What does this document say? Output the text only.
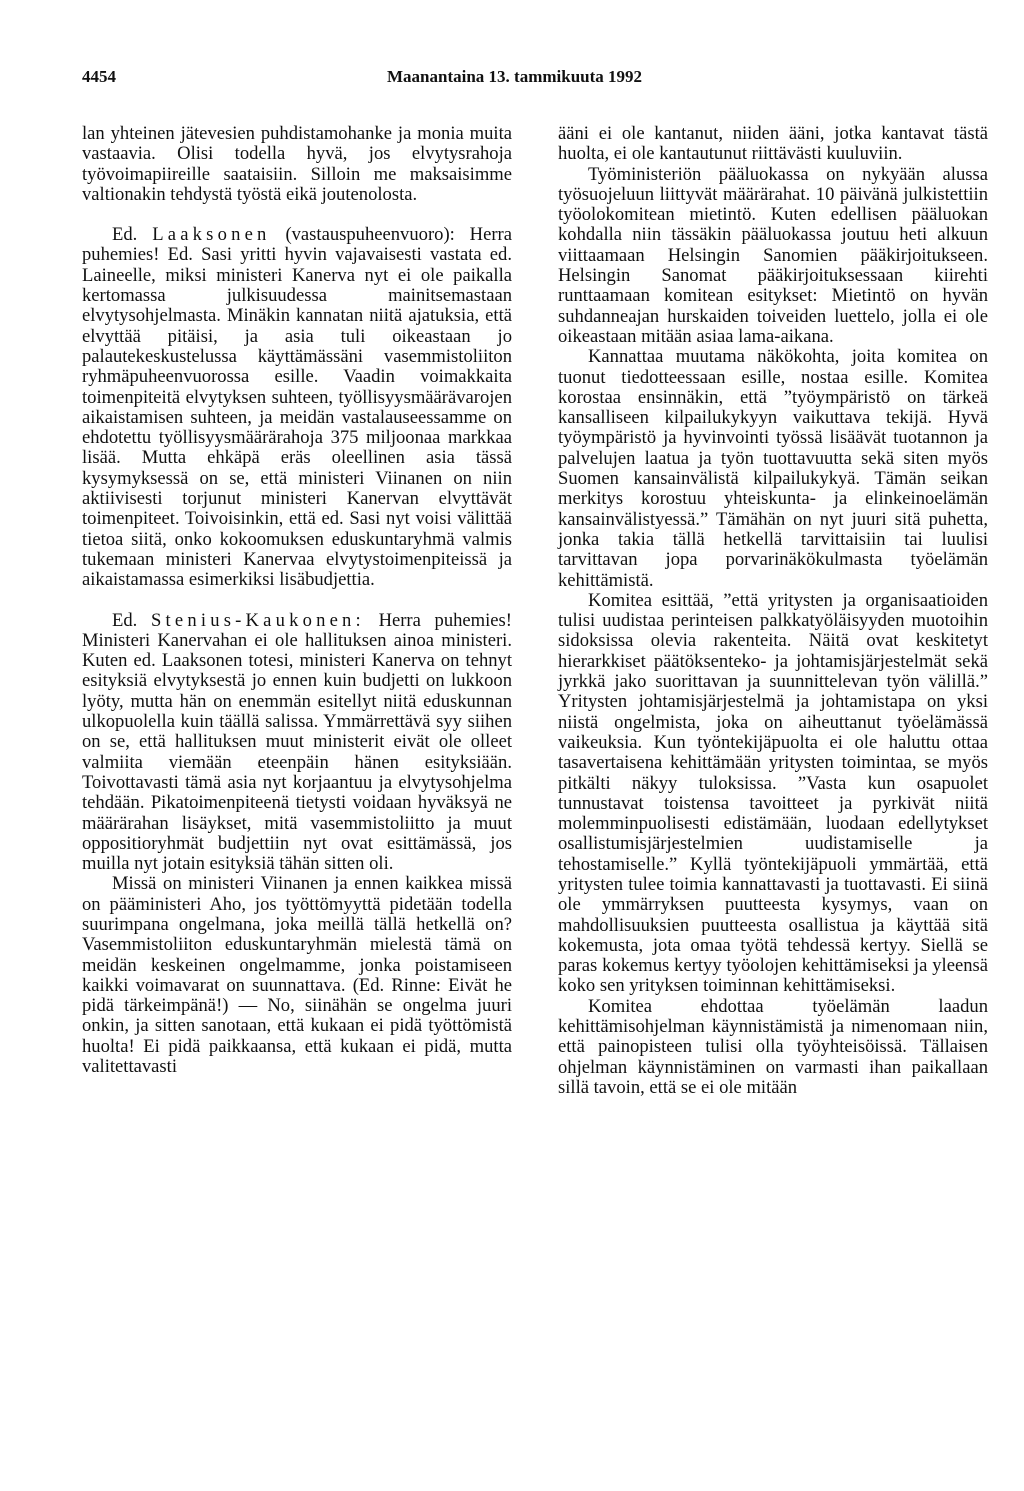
4454	Maanantaina 13. tammikuuta 1992

lan yhteinen jätevesien puhdistamohanke ja monia muita vastaavia. Olisi todella hyvä, jos elvytysrahoja työvoimapiireille saataisiin. Silloin me maksaisimme valtionakin tehdystä työstä eikä joutenolosta.

Ed. Laaksonen (vastauspuheenvuoro): Herra puhemies! Ed. Sasi yritti hyvin vajavaisesti vastata ed. Laineelle, miksi ministeri Kanerva nyt ei ole paikalla kertomassa julkisuudessa mainitsemastaan elvytysohjelmasta. Minäkin kannatan niitä ajatuksia, että elvyttää pitäisi, ja asia tuli oikeastaan jo palautekeskustelussa käyttämässäni vasemmistoliiton ryhmäpuheenvuorossa esille. Vaadin voimakkaita toimenpiteitä elvytyksen suhteen, työllisyysmäärävarojen aikaistamisen suhteen, ja meidän vastalauseessamme on ehdotettu työllisyysmäärärahoja 375 miljoonaa markkaa lisää. Mutta ehkäpä eräs oleellinen asia tässä kysymyksessä on se, että ministeri Viinanen on niin aktiivisesti torjunut ministeri Kanervan elvyttävät toimenpiteet. Toivoisinkin, että ed. Sasi nyt voisi välittää tietoa siitä, onko kokoomuksen eduskuntaryhmä valmis tukemaan ministeri Kanervaa elvytystoimenpiteissä ja aikaistamassa esimerkiksi lisäbudjettia.

Ed. Stenius-Kaukonen: Herra puhemies! Ministeri Kanervahan ei ole hallituksen ainoa ministeri. Kuten ed. Laaksonen totesi, ministeri Kanerva on tehnyt esityksiä elvytyksestä jo ennen kuin budjetti on lukkoon lyöty, mutta hän on enemmän esitellyt niitä eduskunnan ulkopuolella kuin täällä salissa. Ymmärrettävä syy siihen on se, että hallituksen muut ministerit eivät ole olleet valmiita viemään eteenpäin hänen esityksiään. Toivottavasti tämä asia nyt korjaantuu ja elvytysohjelma tehdään. Pikatoimenpiteenä tietysti voidaan hyväksyä ne määrärahan lisäykset, mitä vasemmistoliitto ja muut oppositioryhmät budjettiin nyt ovat esittämässä, jos muilla nyt jotain esityksiä tähän sitten oli.

Missä on ministeri Viinanen ja ennen kaikkea missä on pääministeri Aho, jos työttömyyttä pidetään todella suurimpana ongelmana, joka meillä tällä hetkellä on? Vasemmistoliiton eduskuntaryhmän mielestä tämä on meidän keskeinen ongelmamme, jonka poistamiseen kaikki voimavarat on suunnattava. (Ed. Rinne: Eivät he pidä tärkeimpänä!) — No, siinähän se ongelma juuri onkin, ja sitten sanotaan, että kukaan ei pidä työttömistä huolta! Ei pidä paikkaansa, että kukaan ei pidä, mutta valitettavasti

ääni ei ole kantanut, niiden ääni, jotka kantavat tästä huolta, ei ole kantautunut riittävästi kuuluviin.

Työministeriön pääluokassa on nykyään alussa työsuojeluun liittyvät määrärahat. 10 päivänä julkistettiin työolokomitean mietintö. Kuten edellisen pääluokan kohdalla niin tässäkin pääluokassa joutuu heti alkuun viittaamaan Helsingin Sanomien pääkirjoitukseen. Helsingin Sanomat pääkirjoituksessaan kiirehti runttaamaan komitean esitykset: Mietintö on hyvän suhdanneajan hurskaiden toiveiden luettelo, jolla ei ole oikeastaan mitään asiaa lama-aikana.

Kannattaa muutama näkökohta, joita komitea on tuonut tiedotteessaan esille, nostaa esille. Komitea korostaa ensinnäkin, että ”työympäristö on tärkeä kansalliseen kilpailukykyyn vaikuttava tekijä. Hyvä työympäristö ja hyvinvointi työssä lisäävät tuotannon ja palvelujen laatua ja työn tuottavuutta sekä siten myös Suomen kansainvälistä kilpailukykyä. Tämän seikan merkitys korostuu yhteiskunta- ja elinkeinoelämän kansainvälistyessä.” Tämähän on nyt juuri sitä puhetta, jonka takia tällä hetkellä tarvittaisiin tai luulisi tarvittavan jopa porvarinäkökulmasta työelämän kehittämistä.

Komitea esittää, ”että yritysten ja organisaatioiden tulisi uudistaa perinteisen palkkatyöläisyyden muotoihin sidoksissa olevia rakenteita. Näitä ovat keskitetyt hierarkkiset päätöksenteko- ja johtamisjärjestelmät sekä jyrkkä jako suorittavan ja suunnittelevan työn välillä.” Yritysten johtamisjärjestelmä ja johtamistapa on yksi niistä ongelmista, joka on aiheuttanut työelämässä vaikeuksia. Kun työntekijäpuolta ei ole haluttu ottaa tasavertaisena kehittämään yritysten toimintaa, se myös pitkälti näkyy tuloksissa. ”Vasta kun osapuolet tunnustavat toistensa tavoitteet ja pyrkivät niitä molemminpuolisesti edistämään, luodaan edellytykset osallistumisjärjestelmien uudistamiselle ja tehostamiselle.” Kyllä työntekijäpuoli ymmärtää, että yritysten tulee toimia kannattavasti ja tuottavasti. Ei siinä ole ymmärryksen puutteesta kysymys, vaan on mahdollisuuksien puutteesta osallistua ja käyttää sitä kokemusta, jota omaa työtä tehdessä kertyy. Siellä se paras kokemus kertyy työolojen kehittämiseksi ja yleensä koko sen yrityksen toiminnan kehittämiseksi.

Komitea ehdottaa työelämän laadun kehittämisohjelman käynnistämistä ja nimenomaan niin, että painopisteen tulisi olla työyhteisöissä. Tällaisen ohjelman käynnistäminen on varmasti ihan paikallaan sillä tavoin, että se ei ole mitään
